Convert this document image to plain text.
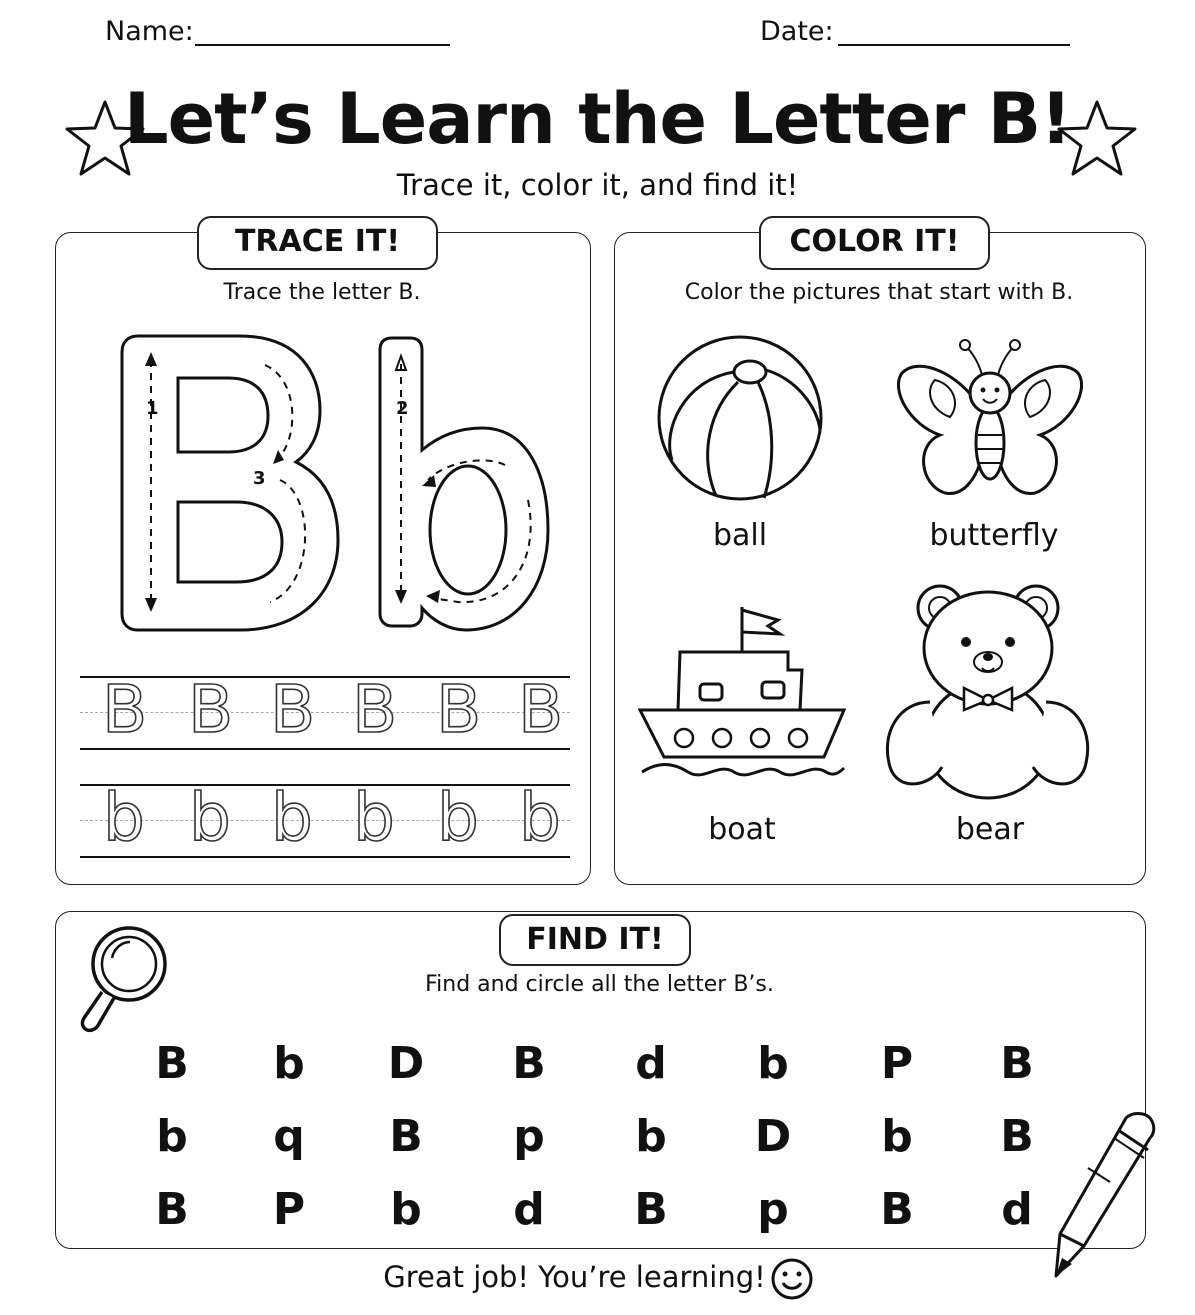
Name:	Date:
Let’s Learn the Letter B!
Trace it, color it, and find it!
TRACE IT!
Trace the letter B.
1
3
2
B B B B B B
b b b b b b
COLOR IT!
Color the pictures that start with B.
ball	butterfly
boat	bear
FIND IT!
Find and circle all the letter B’s.
B	b	D	B	d	b	P	B
b	q	B	p	b	D	b	B
B	P	b	d	B	p	B	d
Great job! You’re learning!
